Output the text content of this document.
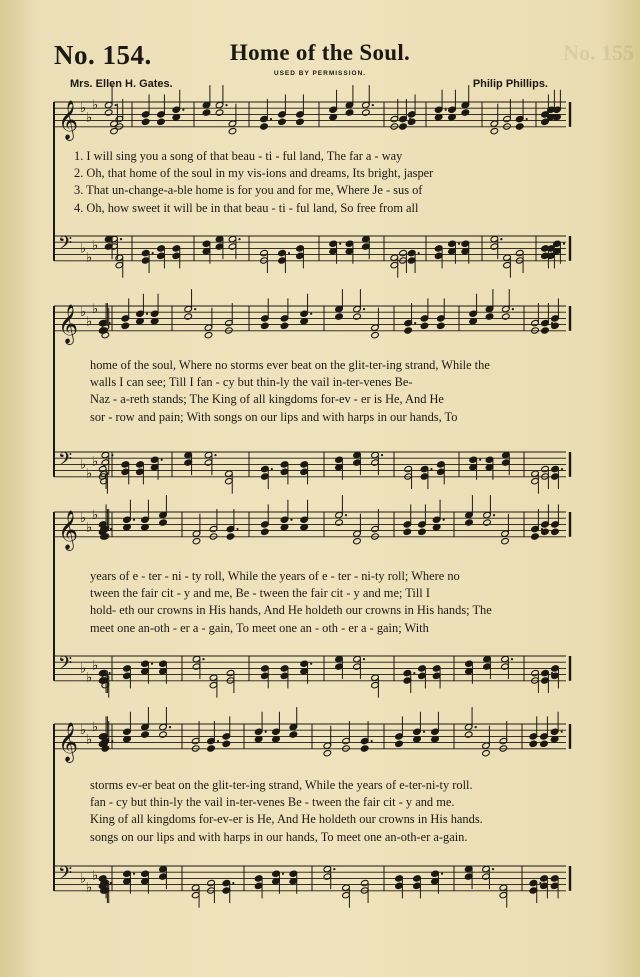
No. 155
No. 154.	Home of the Soul.
USED BY PERMISSION.
Mrs. Ellen H. Gates.	Philip Phillips.
𝄞 ♭
♭
♭
𝄢 ♭
♭
♭
1. I will sing you a song of that beau - ti - ful land, The far a - way
2. Oh, that home of the soul in my vis-ions and dreams, Its bright, jasper
3. That un-change-a-ble home is for you and for me, Where Je - sus of
4. Oh, how sweet it will be in that beau - ti - ful land, So free from all
𝄞 ♭
♭
♭
𝄢 ♭
♭
♭
home of the soul, Where no storms ever beat on the glit-ter-ing strand, While the
walls I can see; Till I fan - cy but thin-ly the vail in-ter-venes Be-
Naz - a-reth stands; The King of all kingdoms for-ev - er is He, And He
sor - row and pain; With songs on our lips and with harps in our hands, To
𝄞 ♭
♭
♭
𝄢 ♭
♭
♭
years of e - ter - ni - ty roll, While the years of e - ter - ni-ty roll; Where no
tween the fair cit - y and me, Be - tween the fair cit - y and me; Till I
hold- eth our crowns in His hands, And He holdeth our crowns in His hands; The
meet one an-oth - er a - gain, To meet one an - oth - er a - gain; With
𝄞 ♭
♭
♭
𝄢 ♭
♭
♭
storms ev-er beat on the glit-ter-ing strand, While the years of e-ter-ni-ty roll.
fan - cy but thin-ly the vail in-ter-venes Be - tween the fair cit - y and me.
King of all kingdoms for-ev-er is He, And He holdeth our crowns in His hands.
songs on our lips and with harps in our hands, To meet one an-oth-er a-gain.
